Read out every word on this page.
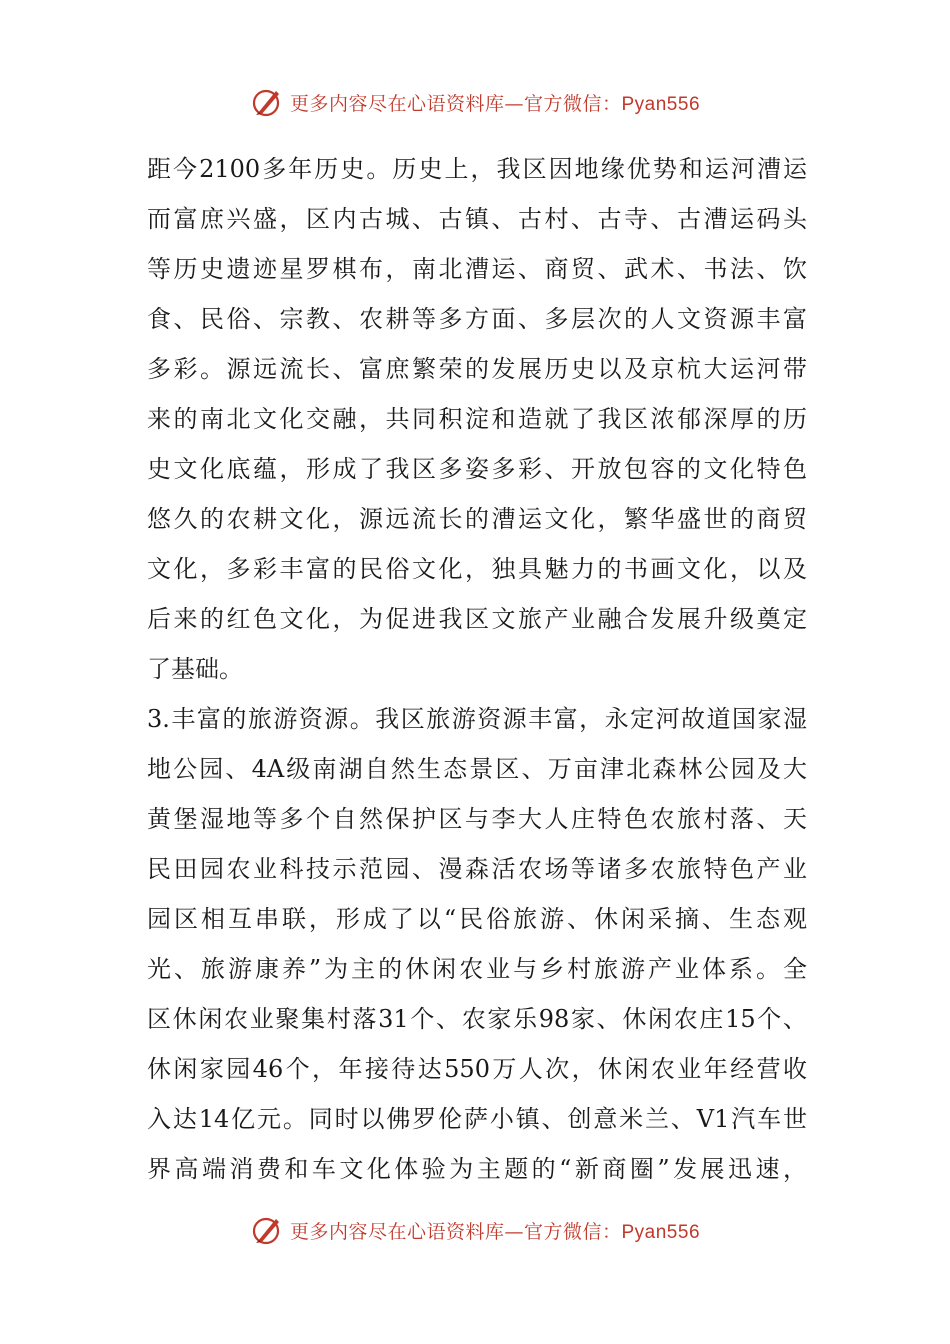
更多内容尽在心语资料库—官方微信：Pyan556
距今2100多年历史。历史上，我区因地缘优势和运河漕运
而富庶兴盛，区内古城、古镇、古村、古寺、古漕运码头
等历史遗迹星罗棋布，南北漕运、商贸、武术、书法、饮
食、民俗、宗教、农耕等多方面、多层次的人文资源丰富
多彩。源远流长、富庶繁荣的发展历史以及京杭大运河带
来的南北文化交融，共同积淀和造就了我区浓郁深厚的历
史文化底蕴，形成了我区多姿多彩、开放包容的文化特色
悠久的农耕文化，源远流长的漕运文化，繁华盛世的商贸
文化，多彩丰富的民俗文化，独具魅力的书画文化，以及
后来的红色文化，为促进我区文旅产业融合发展升级奠定
了基础。
3.丰富的旅游资源。我区旅游资源丰富，永定河故道国家湿
地公园、4A级南湖自然生态景区、万亩津北森林公园及大
黄堡湿地等多个自然保护区与李大人庄特色农旅村落、天
民田园农业科技示范园、漫森活农场等诸多农旅特色产业
园区相互串联，形成了以“民俗旅游、休闲采摘、生态观
光、旅游康养”为主的休闲农业与乡村旅游产业体系。全
区休闲农业聚集村落31个、农家乐98家、休闲农庄15个、
休闲家园46个，年接待达550万人次，休闲农业年经营收
入达14亿元。同时以佛罗伦萨小镇、创意米兰、V1汽车世
界高端消费和车文化体验为主题的“新商圈”发展迅速，
更多内容尽在心语资料库—官方微信：Pyan556
